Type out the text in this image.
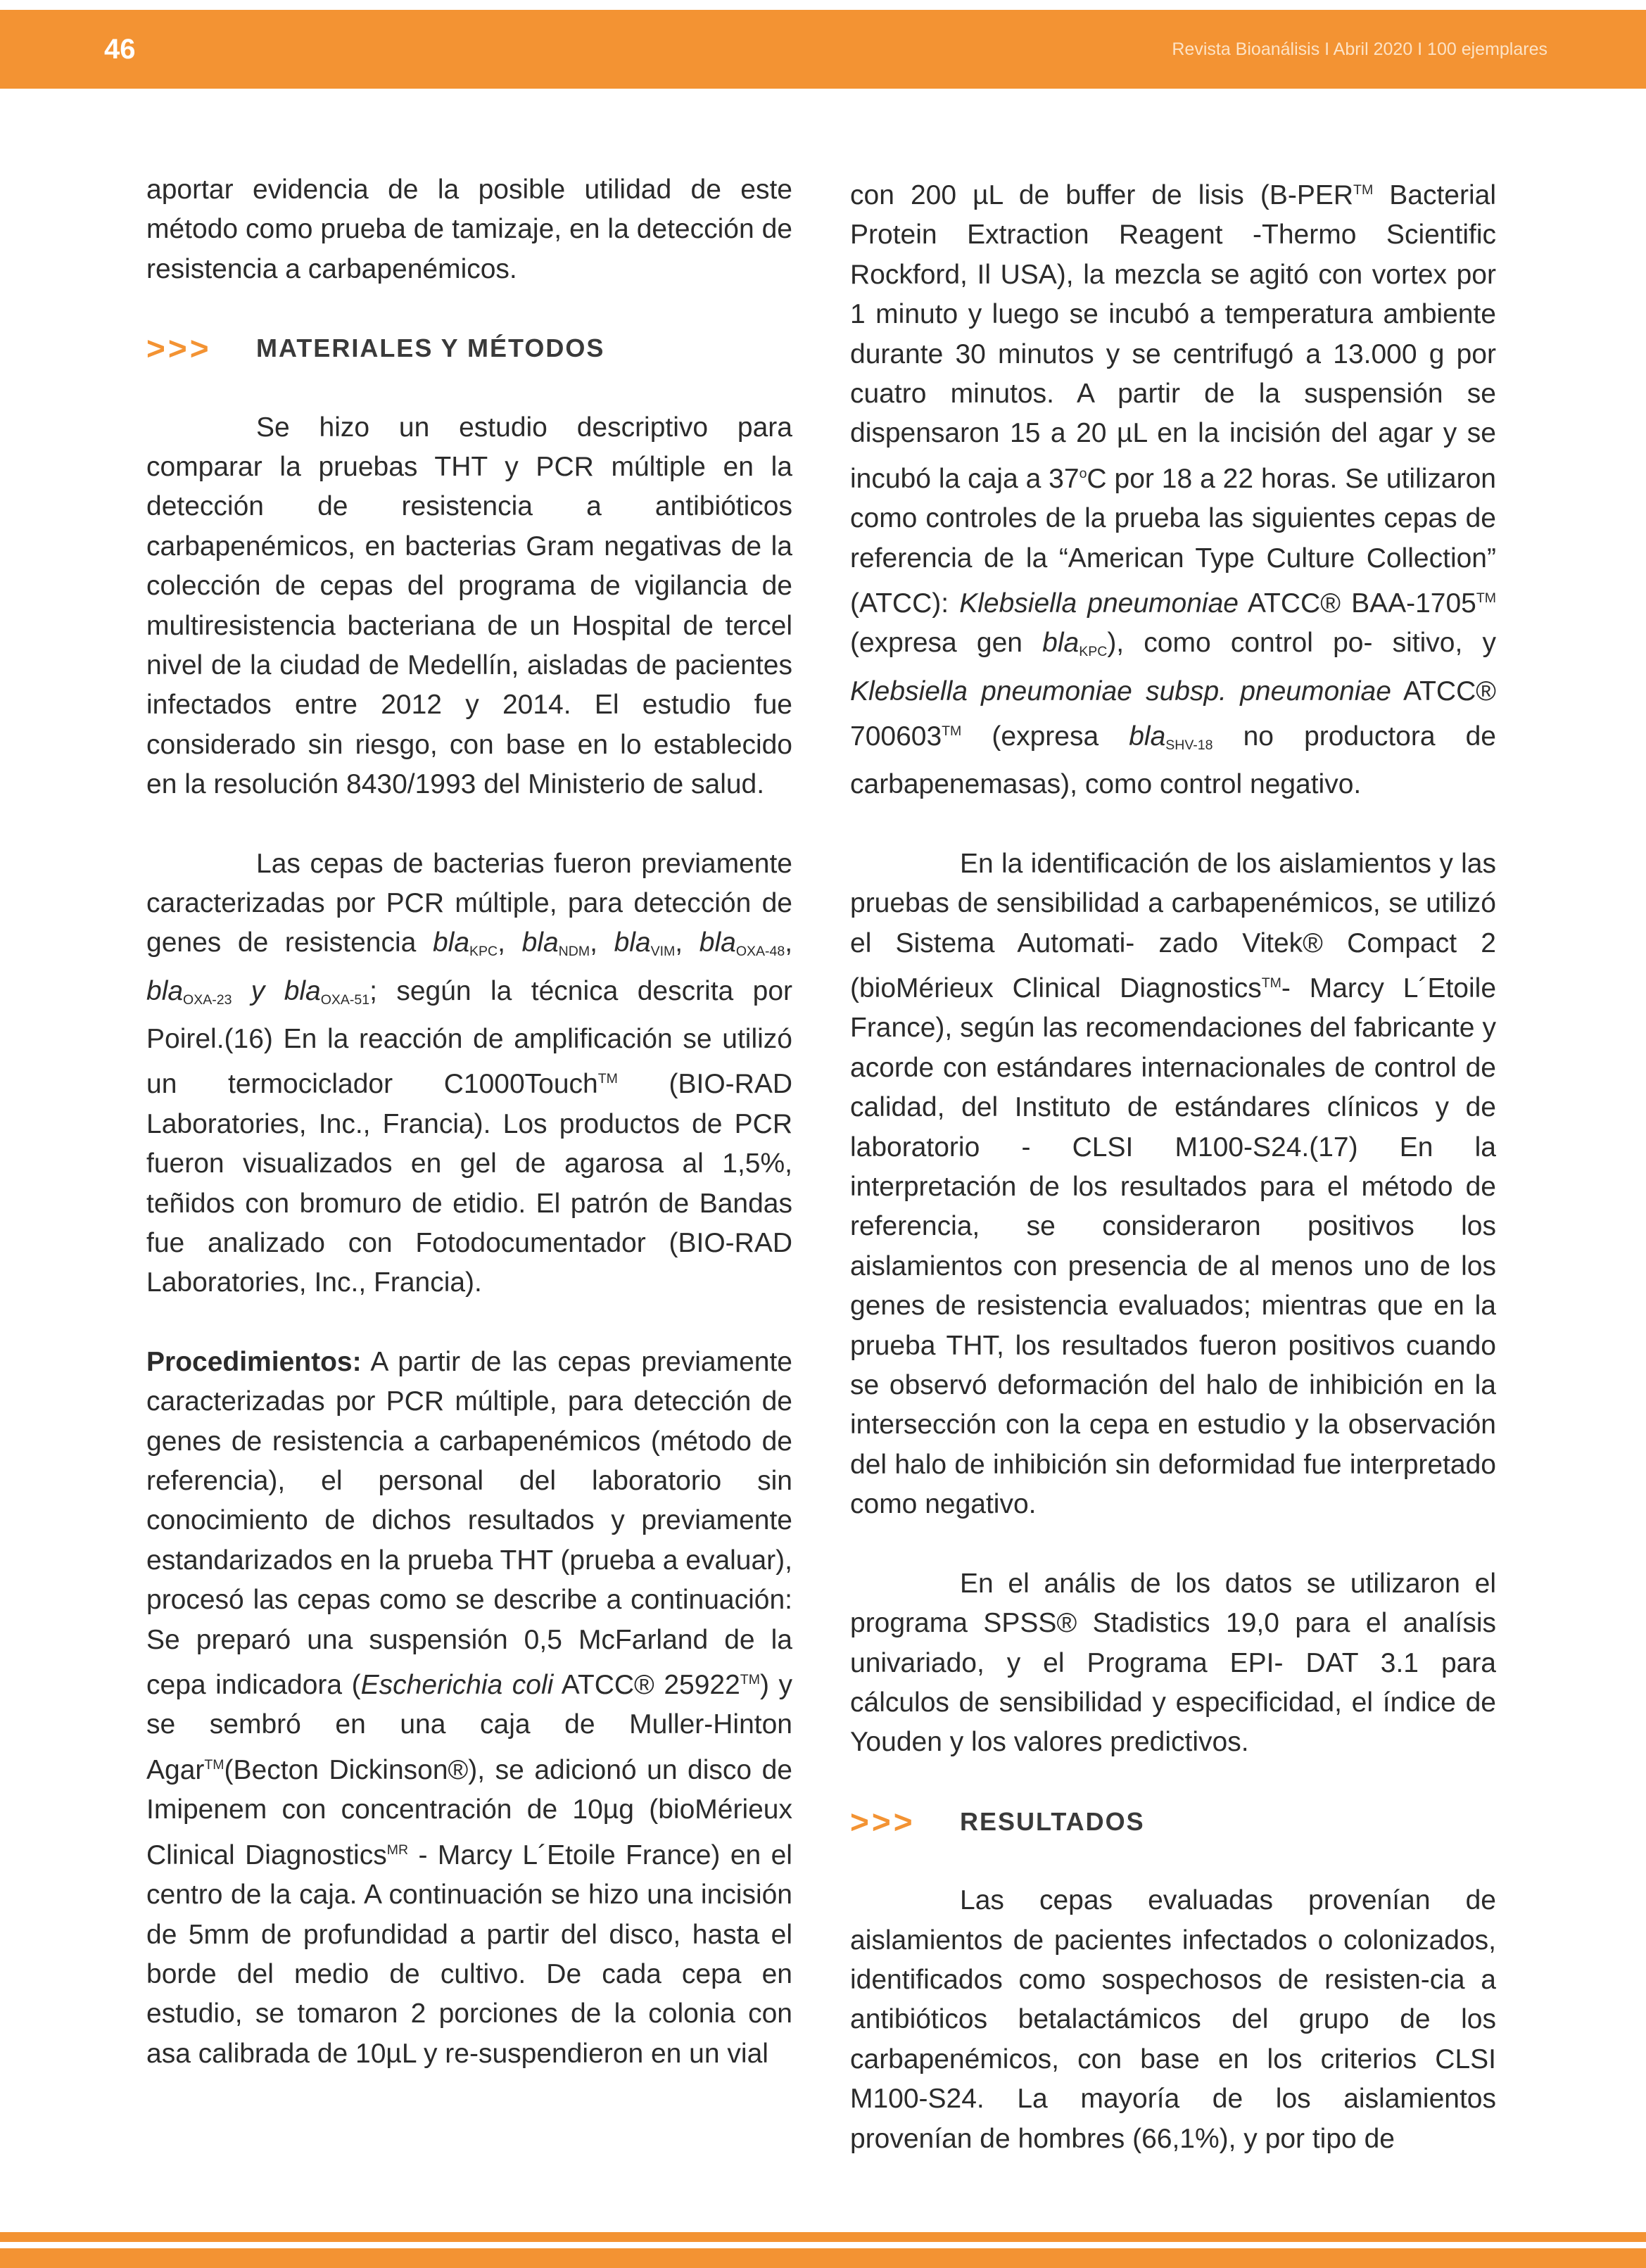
46	Revista Bioanálisis I Abril 2020 I 100 ejemplares

aportar evidencia de la posible utilidad de este método como prueba de tamizaje, en la detección de resistencia a carbapenémicos.

>>>	MATERIALES Y MÉTODOS

Se hizo un estudio descriptivo para comparar la pruebas THT y PCR múltiple en la detección de resistencia a antibióticos carbapenémicos, en bacterias Gram negativas de la colección de cepas del programa de vigilancia de multiresistencia bacteriana de un Hospital de tercel nivel de la ciudad de Medellín, aisladas de pacientes infectados entre 2012 y 2014. El estudio fue considerado sin riesgo, con base en lo establecido en la resolución 8430/1993 del Ministerio de salud.

Las cepas de bacterias fueron previamente caracterizadas por PCR múltiple, para detección de genes de resistencia bla$_{KPC}$, bla$_{NDM}$, bla$_{VIM}$, bla$_{OXA-48}$, bla$_{OXA-23}$ y bla$_{OXA-51}$; según la técnica descrita por Poirel.(16) En la reacción de amplificación se utilizó un termociclador C1000Touch™ (BIO-RAD Laboratories, Inc., Francia). Los productos de PCR fueron visualizados en gel de agarosa al 1,5%, teñidos con bromuro de etidio. El patrón de Bandas fue analizado con Fotodocumentador (BIO-RAD Laboratories, Inc., Francia).

Procedimientos: A partir de las cepas previamente caracterizadas por PCR múltiple, para detección de genes de resistencia a carbapenémicos (método de referencia), el personal del laboratorio sin conocimiento de dichos resultados y previamente estandarizados en la prueba THT (prueba a evaluar), procesó las cepas como se describe a continuación: Se preparó una suspensión 0,5 McFarland de la cepa indicadora (Escherichia coli ATCC® 25922™) y se sembró en una caja de Muller-Hinton Agar™(Becton Dickinson®), se adicionó un disco de Imipenem con concentración de 10µg (bioMérieux Clinical Diagnostics$^{MR}$ - Marcy L´Etoile France) en el centro de la caja. A continuación se hizo una incisión de 5mm de profundidad a partir del disco, hasta el borde del medio de cultivo. De cada cepa en estudio, se tomaron 2 porciones de la colonia con asa calibrada de 10µL y re-suspendieron en un vial

con 200 µL de buffer de lisis (B-PER™ Bacterial Protein Extraction Reagent -Thermo Scientific Rockford, Il USA), la mezcla se agitó con vortex por 1 minuto y luego se incubó a temperatura ambiente durante 30 minutos y se centrifugó a 13.000 g por cuatro minutos. A partir de la suspensión se dispensaron 15 a 20 µL en la incisión del agar y se incubó la caja a 37$^o$C por 18 a 22 horas. Se utilizaron como controles de la prueba las siguientes cepas de referencia de la “American Type Culture Collection” (ATCC): Klebsiella pneumoniae ATCC® BAA-1705™ (expresa gen bla$_{KPC}$), como control po- sitivo, y Klebsiella pneumoniae subsp. pneumoniae ATCC® 700603™ (expresa bla$_{SHV-18}$ no productora de carbapenemasas), como control negativo.

En la identificación de los aislamientos y las pruebas de sensibilidad a carbapenémicos, se utilizó el Sistema Automati- zado Vitek® Compact 2 (bioMérieux Clinical Diagnostics™- Marcy L´Etoile France), según las recomendaciones del fabricante y acorde con estándares internacionales de control de calidad, del Instituto de estándares clínicos y de laboratorio - CLSI M100-S24.(17) En la interpretación de los resultados para el método de referencia, se consideraron positivos los aislamientos con presencia de al menos uno de los genes de resistencia evaluados; mientras que en la prueba THT, los resultados fueron positivos cuando se observó deformación del halo de inhibición en la intersección con la cepa en estudio y la observación del halo de inhibición sin deformidad fue interpretado como negativo.

En el anális de los datos se utilizaron el programa SPSS® Stadistics 19,0 para el analísis univariado, y el Programa EPI- DAT 3.1 para cálculos de sensibilidad y especificidad, el índice de Youden y los valores predictivos.

>>>	RESULTADOS

Las cepas evaluadas provenían de aislamientos de pacientes infectados o colonizados, identificados como sospechosos de resisten-cia a antibióticos betalactámicos del grupo de los carbapenémicos, con base en los criterios CLSI M100-S24. La mayoría de los aislamientos provenían de hombres (66,1%), y por tipo de
